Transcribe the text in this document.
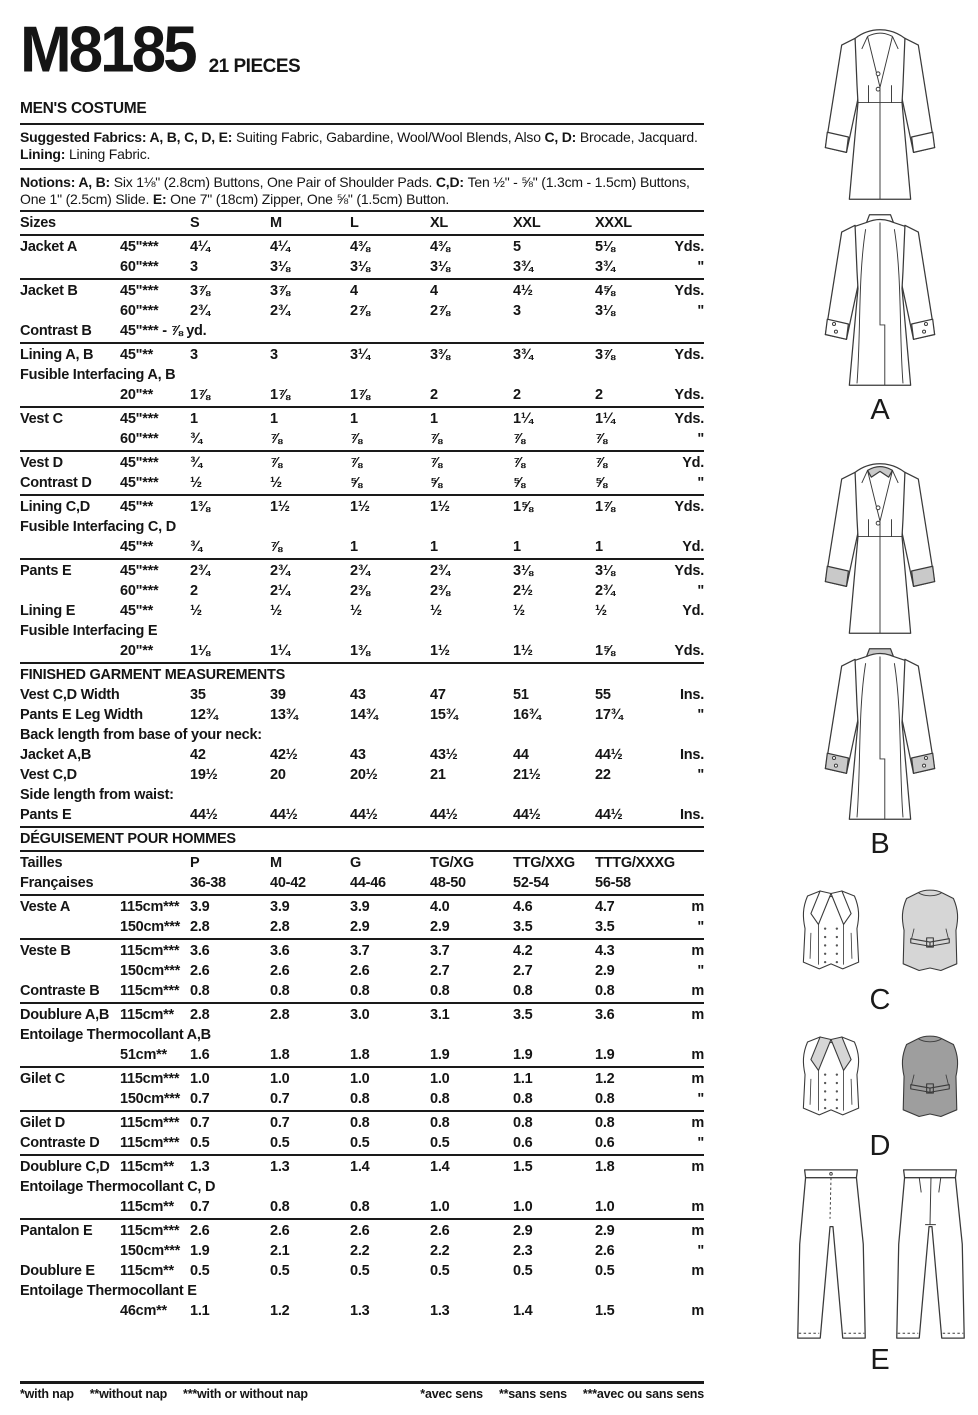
M8185 21 PIECES
MEN'S COSTUME

Suggested Fabrics: A, B, C, D, E: Suiting Fabric, Gabardine, Wool/Wool Blends, Also C, D: Brocade, Jacquard.

Lining: Lining Fabric.

Notions: A, B: Six 1⅛" (2.8cm) Buttons, One Pair of Shoulder Pads. C,D: Ten ½" - ⅝" (1.3cm - 1.5cm) Buttons, One 1" (2.5cm) Slide. E: One 7" (18cm) Zipper, One ⅝" (1.5cm) Button.

Sizes	S	M	L	XL	XXL	XXXL
Jacket A	45"***	4¼	4¼	4⅜	4⅜	5	5⅛	Yds.
60"***	3	3⅛	3⅛	3⅛	3¾	3¾	"
Jacket B	45"***	3⅞	3⅞	4	4	4½	4⅝	Yds.
60"***	2¾	2¾	2⅞	2⅞	3	3⅛	"
Contrast B	45"*** - ⅞ yd.
Lining A, B	45"**	3	3	3¼	3⅜	3¾	3⅞	Yds.
Fusible Interfacing A, B
20"**	1⅞	1⅞	1⅞	2	2	2	Yds.
Vest C	45"***	1	1	1	1	1¼	1¼	Yds.
60"***	¾	⅞	⅞	⅞	⅞	⅞	"
Vest D	45"***	¾	⅞	⅞	⅞	⅞	⅞	Yd.
Contrast D	45"***	½	½	⅝	⅝	⅝	⅝	"
Lining C,D	45"**	1⅜	1½	1½	1½	1⅝	1⅞	Yds.
Fusible Interfacing C, D
45"**	¾	⅞	1	1	1	1	Yd.
Pants E	45"***	2¾	2¾	2¾	2¾	3⅛	3⅛	Yds.
60"***	2	2¼	2⅜	2⅜	2½	2¾	"
Lining E	45"**	½	½	½	½	½	½	Yd.
Fusible Interfacing E
20"**	1⅛	1¼	1⅜	1½	1½	1⅝	Yds.
FINISHED GARMENT MEASUREMENTS
Vest C,D Width	35	39	43	47	51	55	Ins.
Pants E Leg Width	12¾	13¾	14¾	15¾	16¾	17¾	"
Back length from base of your neck:
Jacket A,B	42	42½	43	43½	44	44½	Ins.
Vest C,D	19½	20	20½	21	21½	22	"
Side length from waist:
Pants E	44½	44½	44½	44½	44½	44½	Ins.
DÉGUISEMENT POUR HOMMES
Tailles	P	M	G	TG/XG	TTG/XXG	TTTG/XXXG
Françaises	36-38	40-42	44-46	48-50	52-54	56-58
Veste A	115cm*** 3.9	3.9	3.9	4.0	4.6	4.7	m
150cm*** 2.8	2.8	2.9	2.9	3.5	3.5	"
Veste B	115cm*** 3.6	3.6	3.7	3.7	4.2	4.3	m
150cm*** 2.6	2.6	2.6	2.7	2.7	2.9	"
Contraste B	115cm*** 0.8	0.8	0.8	0.8	0.8	0.8	m
Doublure A,B 115cm**	2.8	2.8	3.0	3.1	3.5	3.6	m
Entoilage Thermocollant A,B
51cm**	1.6	1.8	1.8	1.9	1.9	1.9	m
Gilet C	115cm*** 1.0	1.0	1.0	1.0	1.1	1.2	m
150cm*** 0.7	0.7	0.8	0.8	0.8	0.8	"
Gilet D	115cm*** 0.7	0.7	0.8	0.8	0.8	0.8	m
Contraste D	115cm*** 0.5	0.5	0.5	0.5	0.6	0.6	"
Doublure C,D 115cm**	1.3	1.3	1.4	1.4	1.5	1.8	m
Entoilage Thermocollant C, D
115cm**	0.7	0.8	0.8	1.0	1.0	1.0	m
Pantalon E	115cm*** 2.6	2.6	2.6	2.6	2.9	2.9	m
150cm*** 1.9	2.1	2.2	2.2	2.3	2.6	"
Doublure E	115cm**	0.5	0.5	0.5	0.5	0.5	0.5	m
Entoilage Thermocollant E
46cm**	1.1	1.2	1.3	1.3	1.4	1.5	m
*with nap **without nap ***with or without nap	*avec sens **sans sens ***avec ou sans sens
A
B
C
D
E
